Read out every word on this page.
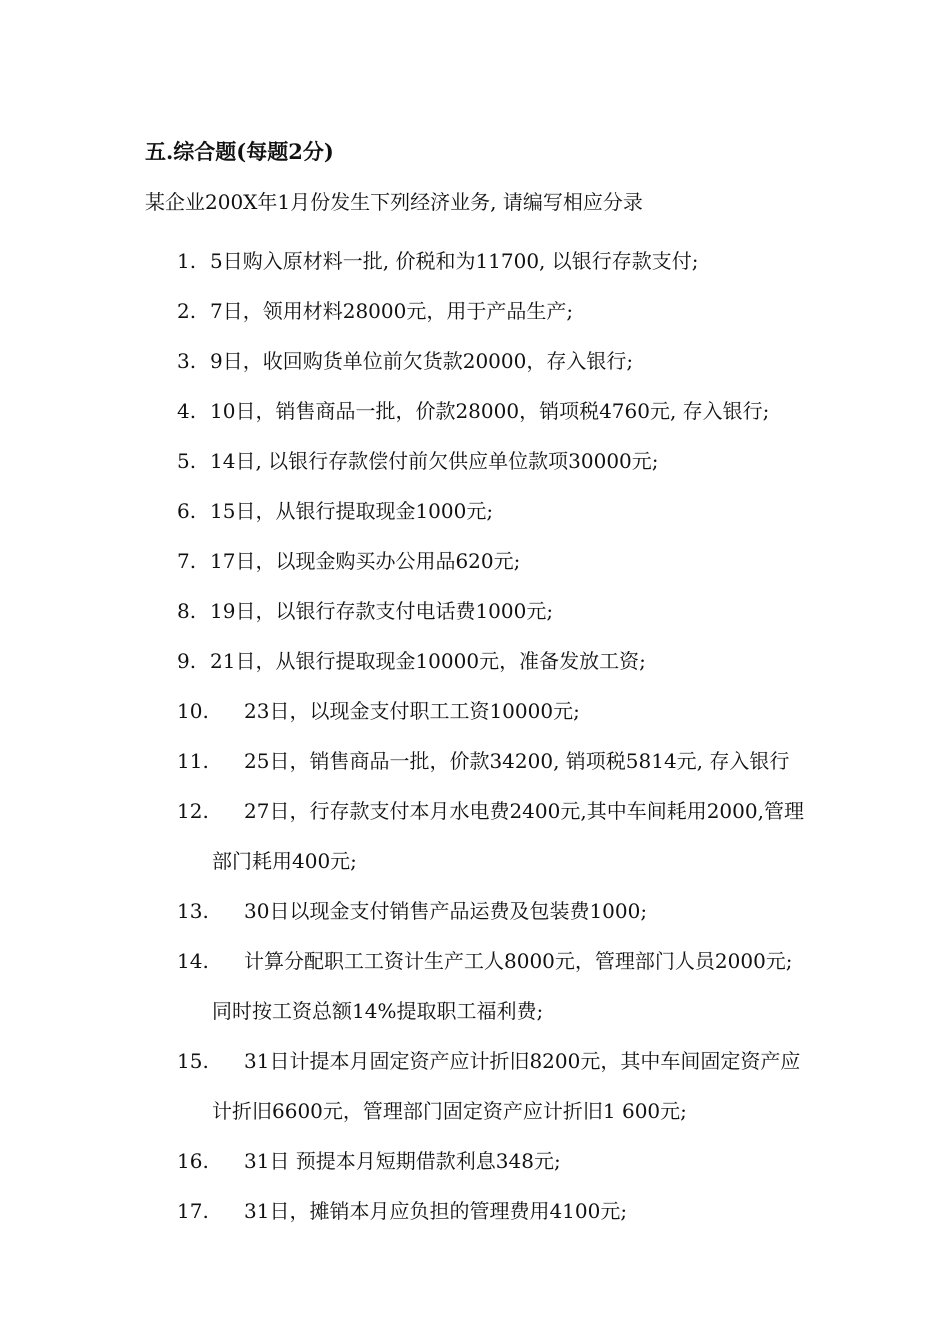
五.综合题(每题2分)
某企业200X年1月份发生下列经济业务, 请编写相应分录
1. 5日购入原材料一批, 价税和为11700, 以银行存款支付;
2. 7日，领用材料28000元，用于产品生产;
3. 9日，收回购货单位前欠货款20000，存入银行;
4. 10日，销售商品一批，价款28000，销项税4760元, 存入银行;
5. 14日, 以银行存款偿付前欠供应单位款项30000元;
6. 15日，从银行提取现金1000元;
7. 17日，以现金购买办公用品620元;
8. 19日，以银行存款支付电话费1000元;
9. 21日，从银行提取现金10000元，准备发放工资;
10.	23日，以现金支付职工工资10000元;
11.	25日，销售商品一批，价款34200, 销项税5814元, 存入银行
12.	27日，行存款支付本月水电费2400元,其中车间耗用2000,管理
部门耗用400元;
13.	30日以现金支付销售产品运费及包装费1000;
14.	计算分配职工工资计生产工人8000元，管理部门人员2000元;
同时按工资总额14%提取职工福利费;
15.	31日计提本月固定资产应计折旧8200元，其中车间固定资产应
计折旧6600元，管理部门固定资产应计折旧1 600元;
16.	31日 预提本月短期借款利息348元;
17.	31日，摊销本月应负担的管理费用4100元;
